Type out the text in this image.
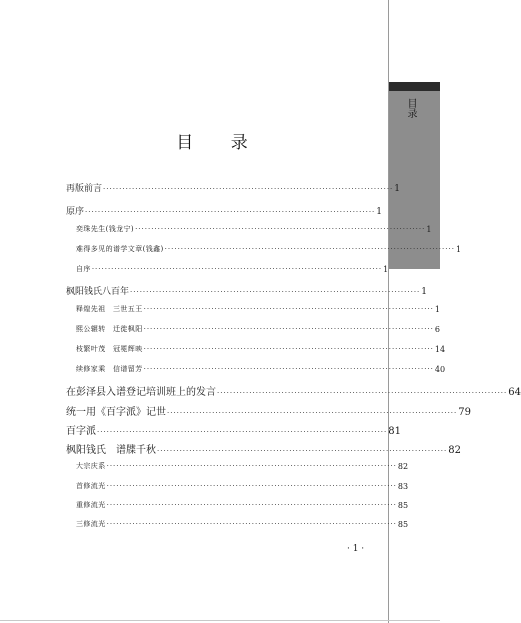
目录
目 录
再版前言 ·························································································· 1
原序 ·························································································· 1
奕珠先生(钱龙宁) ·························································································· 1
难得多见的谱学文章(钱鑫) ·························································································· 1
自序 ·························································································· 1
枫阳钱氏八百年 ·························································································· 1
释煌先祖　三世五王 ·························································································· 1
熙公辗转　迁徙枫阳 ·························································································· 6
枝繁叶茂　冠冕辉映 ·························································································· 14
续修家乘　信谱留芳 ·························································································· 40
在彭泽县入谱登记培训班上的发言 ·························································································· 64
统一用《百字派》记世 ·························································································· 79
百字派 ·························································································· 81
枫阳钱氏　谱牒千秋 ·························································································· 82
大宗庆系 ·························································································· 82
首修流光 ·························································································· 83
重修流光 ·························································································· 85
三修流光 ·························································································· 85
· 1 ·
